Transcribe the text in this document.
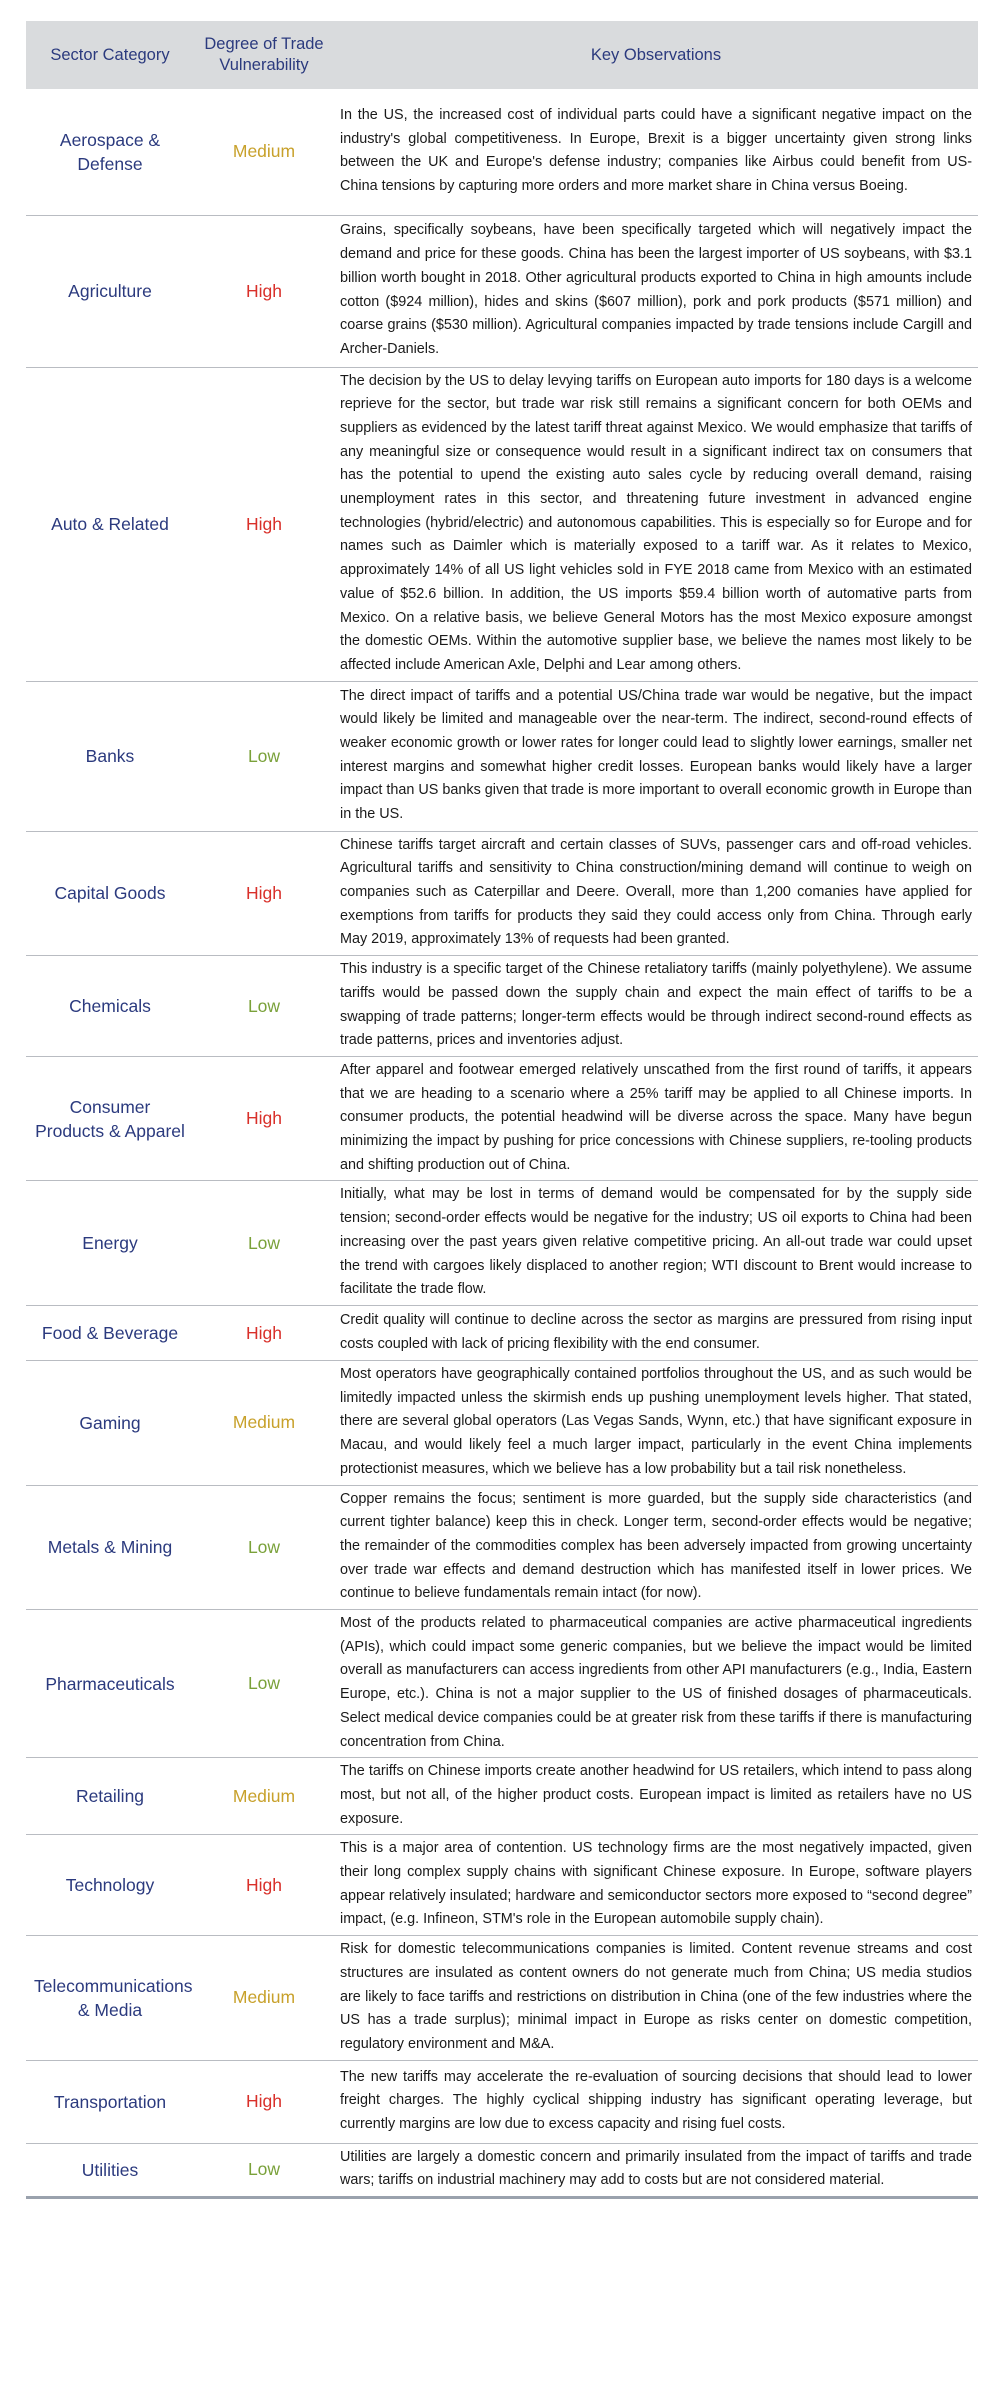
Sector Category	Degree of Trade Vulnerability	Key Observations
Aerospace & Defense	Medium	In the US, the increased cost of individual parts could have a significant negative impact on the industry's global competitiveness. In Europe, Brexit is a bigger uncertainty given strong links between the UK and Europe's defense industry; companies like Airbus could benefit from US-China tensions by capturing more orders and more market share in China versus Boeing.
Agriculture	High	Grains, specifically soybeans, have been specifically targeted which will negatively impact the demand and price for these goods. China has been the largest importer of US soybeans, with $3.1 billion worth bought in 2018. Other agricultural products exported to China in high amounts include cotton ($924 million), hides and skins ($607 million), pork and pork products ($571 million) and coarse grains ($530 million). Agricultural companies impacted by trade tensions include Cargill and Archer-Daniels.
Auto & Related	High	The decision by the US to delay levying tariffs on European auto imports for 180 days is a welcome reprieve for the sector, but trade war risk still remains a significant concern for both OEMs and suppliers as evidenced by the latest tariff threat against Mexico. We would emphasize that tariffs of any meaningful size or consequence would result in a significant indirect tax on consumers that has the potential to upend the existing auto sales cycle by reducing overall demand, raising unemployment rates in this sector, and threatening future investment in advanced engine technologies (hybrid/electric) and autonomous capabilities. This is especially so for Europe and for names such as Daimler which is materially exposed to a tariff war. As it relates to Mexico, approximately 14% of all US light vehicles sold in FYE 2018 came from Mexico with an estimated value of $52.6 billion. In addition, the US imports $59.4 billion worth of automative parts from Mexico. On a relative basis, we believe General Motors has the most Mexico exposure amongst the domestic OEMs. Within the automotive supplier base, we believe the names most likely to be affected include American Axle, Delphi and Lear among others.
Banks	Low	The direct impact of tariffs and a potential US/China trade war would be negative, but the impact would likely be limited and manageable over the near-term. The indirect, second-round effects of weaker economic growth or lower rates for longer could lead to slightly lower earnings, smaller net interest margins and somewhat higher credit losses. European banks would likely have a larger impact than US banks given that trade is more important to overall economic growth in Europe than in the US.
Capital Goods	High	Chinese tariffs target aircraft and certain classes of SUVs, passenger cars and off-road vehicles. Agricultural tariffs and sensitivity to China construction/mining demand will continue to weigh on companies such as Caterpillar and Deere. Overall, more than 1,200 comanies have applied for exemptions from tariffs for products they said they could access only from China. Through early May 2019, approximately 13% of requests had been granted.
Chemicals	Low	This industry is a specific target of the Chinese retaliatory tariffs (mainly polyethylene). We assume tariffs would be passed down the supply chain and expect the main effect of tariffs to be a swapping of trade patterns; longer-term effects would be through indirect second-round effects as trade patterns, prices and inventories adjust.
Consumer Products & Apparel	High	After apparel and footwear emerged relatively unscathed from the first round of tariffs, it appears that we are heading to a scenario where a 25% tariff may be applied to all Chinese imports. In consumer products, the potential headwind will be diverse across the space. Many have begun minimizing the impact by pushing for price concessions with Chinese suppliers, re-tooling products and shifting production out of China.
Energy	Low	Initially, what may be lost in terms of demand would be compensated for by the supply side tension; second-order effects would be negative for the industry; US oil exports to China had been increasing over the past years given relative competitive pricing. An all-out trade war could upset the trend with cargoes likely displaced to another region; WTI discount to Brent would increase to facilitate the trade flow.
Food & Beverage	High	Credit quality will continue to decline across the sector as margins are pressured from rising input costs coupled with lack of pricing flexibility with the end consumer.
Gaming	Medium	Most operators have geographically contained portfolios throughout the US, and as such would be limitedly impacted unless the skirmish ends up pushing unemployment levels higher. That stated, there are several global operators (Las Vegas Sands, Wynn, etc.) that have significant exposure in Macau, and would likely feel a much larger impact, particularly in the event China implements protectionist measures, which we believe has a low probability but a tail risk nonetheless.
Metals & Mining	Low	Copper remains the focus; sentiment is more guarded, but the supply side characteristics (and current tighter balance) keep this in check. Longer term, second-order effects would be negative; the remainder of the commodities complex has been adversely impacted from growing uncertainty over trade war effects and demand destruction which has manifested itself in lower prices. We continue to believe fundamentals remain intact (for now).
Pharmaceuticals	Low	Most of the products related to pharmaceutical companies are active pharmaceutical ingredients (APIs), which could impact some generic companies, but we believe the impact would be limited overall as manufacturers can access ingredients from other API manufacturers (e.g., India, Eastern Europe, etc.). China is not a major supplier to the US of finished dosages of pharmaceuticals. Select medical device companies could be at greater risk from these tariffs if there is manufacturing concentration from China.
Retailing	Medium	The tariffs on Chinese imports create another headwind for US retailers, which intend to pass along most, but not all, of the higher product costs. European impact is limited as retailers have no US exposure.
Technology	High	This is a major area of contention. US technology firms are the most negatively impacted, given their long complex supply chains with significant Chinese exposure. In Europe, software players appear relatively insulated; hardware and semiconductor sectors more exposed to “second degree” impact, (e.g. Infineon, STM's role in the European automobile supply chain).
Telecommunications & Media	Medium	Risk for domestic telecommunications companies is limited. Content revenue streams and cost structures are insulated as content owners do not generate much from China; US media studios are likely to face tariffs and restrictions on distribution in China (one of the few industries where the US has a trade surplus); minimal impact in Europe as risks center on domestic competition, regulatory environment and M&A.
Transportation	High	The new tariffs may accelerate the re-evaluation of sourcing decisions that should lead to lower freight charges. The highly cyclical shipping industry has significant operating leverage, but currently margins are low due to excess capacity and rising fuel costs.
Utilities	Low	Utilities are largely a domestic concern and primarily insulated from the impact of tariffs and trade wars; tariffs on industrial machinery may add to costs but are not considered material.
